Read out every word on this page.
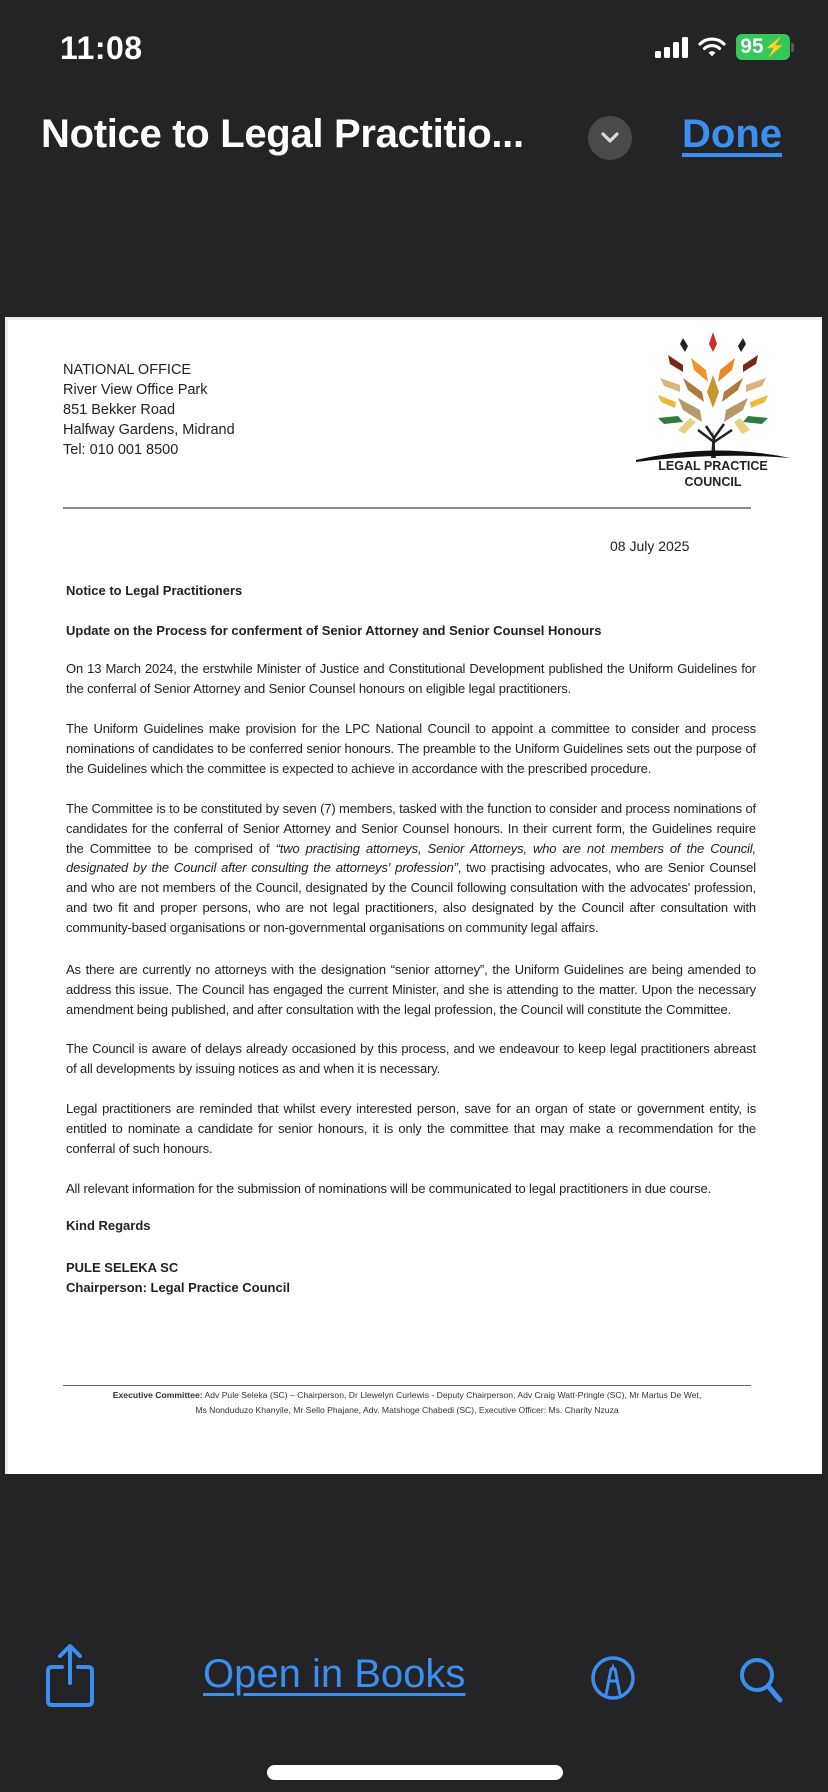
11:08	95⚡
Notice to Legal Practitio...	Done
NATIONAL OFFICE
River View Office Park
851 Bekker Road
Halfway Gardens, Midrand
Tel: 010 001 8500
LEGAL PRACTICE
COUNCIL
08 July 2025
Notice to Legal Practitioners
Update on the Process for conferment of Senior Attorney and Senior Counsel Honours
On 13 March 2024, the erstwhile Minister of Justice and Constitutional Development published the Uniform Guidelines for the conferral of Senior Attorney and Senior Counsel honours on eligible legal practitioners.
The Uniform Guidelines make provision for the LPC National Council to appoint a committee to consider and process nominations of candidates to be conferred senior honours. The preamble to the Uniform Guidelines sets out the purpose of the Guidelines which the committee is expected to achieve in accordance with the prescribed procedure.
The Committee is to be constituted by seven (7) members, tasked with the function to consider and process nominations of candidates for the conferral of Senior Attorney and Senior Counsel honours. In their current form, the Guidelines require the Committee to be comprised of “two practising attorneys, Senior Attorneys, who are not members of the Council, designated by the Council after consulting the attorneys' profession”, two practising advocates, who are Senior Counsel and who are not members of the Council, designated by the Council following consultation with the advocates' profession, and two fit and proper persons, who are not legal practitioners, also designated by the Council after consultation with community-based organisations or non-governmental organisations on community legal affairs.
As there are currently no attorneys with the designation “senior attorney”, the Uniform Guidelines are being amended to address this issue. The Council has engaged the current Minister, and she is attending to the matter. Upon the necessary amendment being published, and after consultation with the legal profession, the Council will constitute the Committee.
The Council is aware of delays already occasioned by this process, and we endeavour to keep legal practitioners abreast of all developments by issuing notices as and when it is necessary.
Legal practitioners are reminded that whilst every interested person, save for an organ of state or government entity, is entitled to nominate a candidate for senior honours, it is only the committee that may make a recommendation for the conferral of such honours.
All relevant information for the submission of nominations will be communicated to legal practitioners in due course.
Kind Regards
PULE SELEKA SC
Chairperson: Legal Practice Council
Executive Committee: Adv Pule Seleka (SC) – Chairperson, Dr Llewelyn Curlewis - Deputy Chairperson, Adv Craig Watt-Pringle (SC), Mr Martus De Wet,
Ms Nonduduzo Khanyile, Mr Sello Phajane, Adv. Matshoge Chabedi (SC), Executive Officer: Ms. Charity Nzuza
Open in Books
